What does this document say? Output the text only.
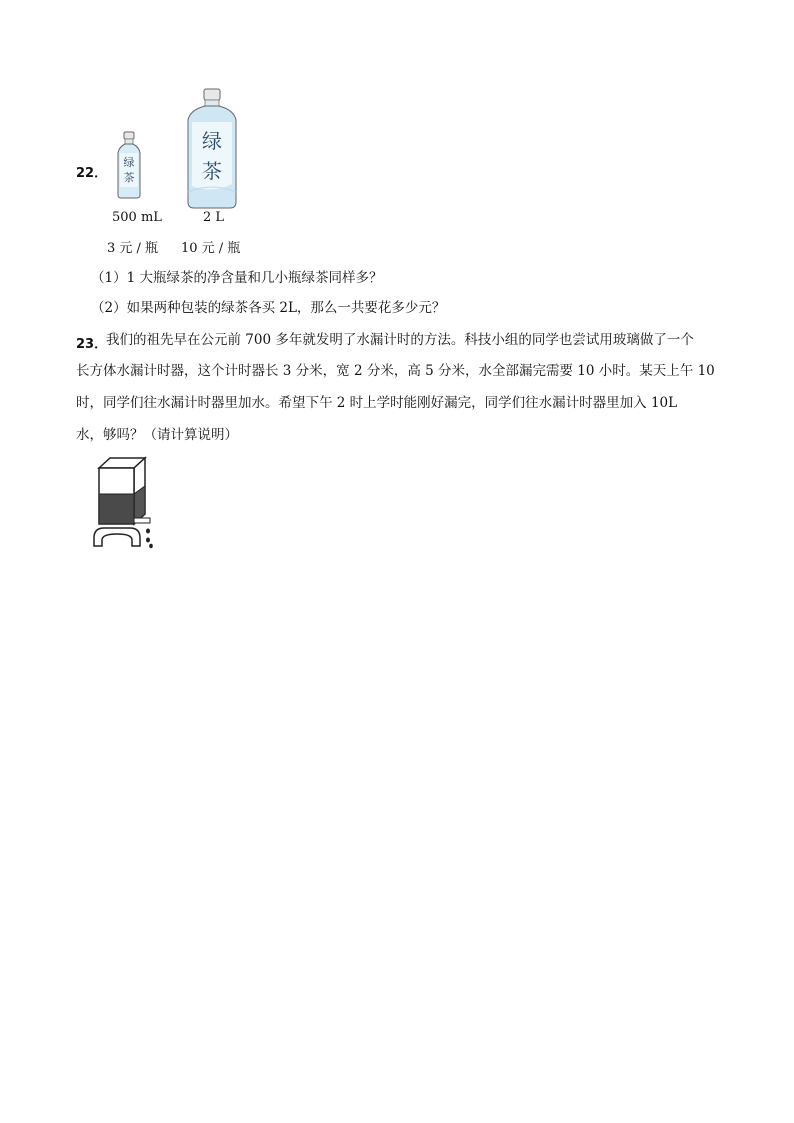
22．
绿
茶
绿
茶
500 mL	2 L
3 元 / 瓶 10 元 / 瓶
（1）1 大瓶绿茶的净含量和几小瓶绿茶同样多？
（2）如果两种包装的绿茶各买 2L，那么一共要花多少元？
23．
我们的祖先早在公元前 700 多年就发明了水漏计时的方法。科技小组的同学也尝试用玻璃做了一个
长方体水漏计时器，这个计时器长 3 分米，宽 2 分米，高 5 分米，水全部漏完需要 10 小时。某天上午 10
时，同学们往水漏计时器里加水。希望下午 2 时上学时能刚好漏完，同学们往水漏计时器里加入 10L
水，够吗？（请计算说明）
